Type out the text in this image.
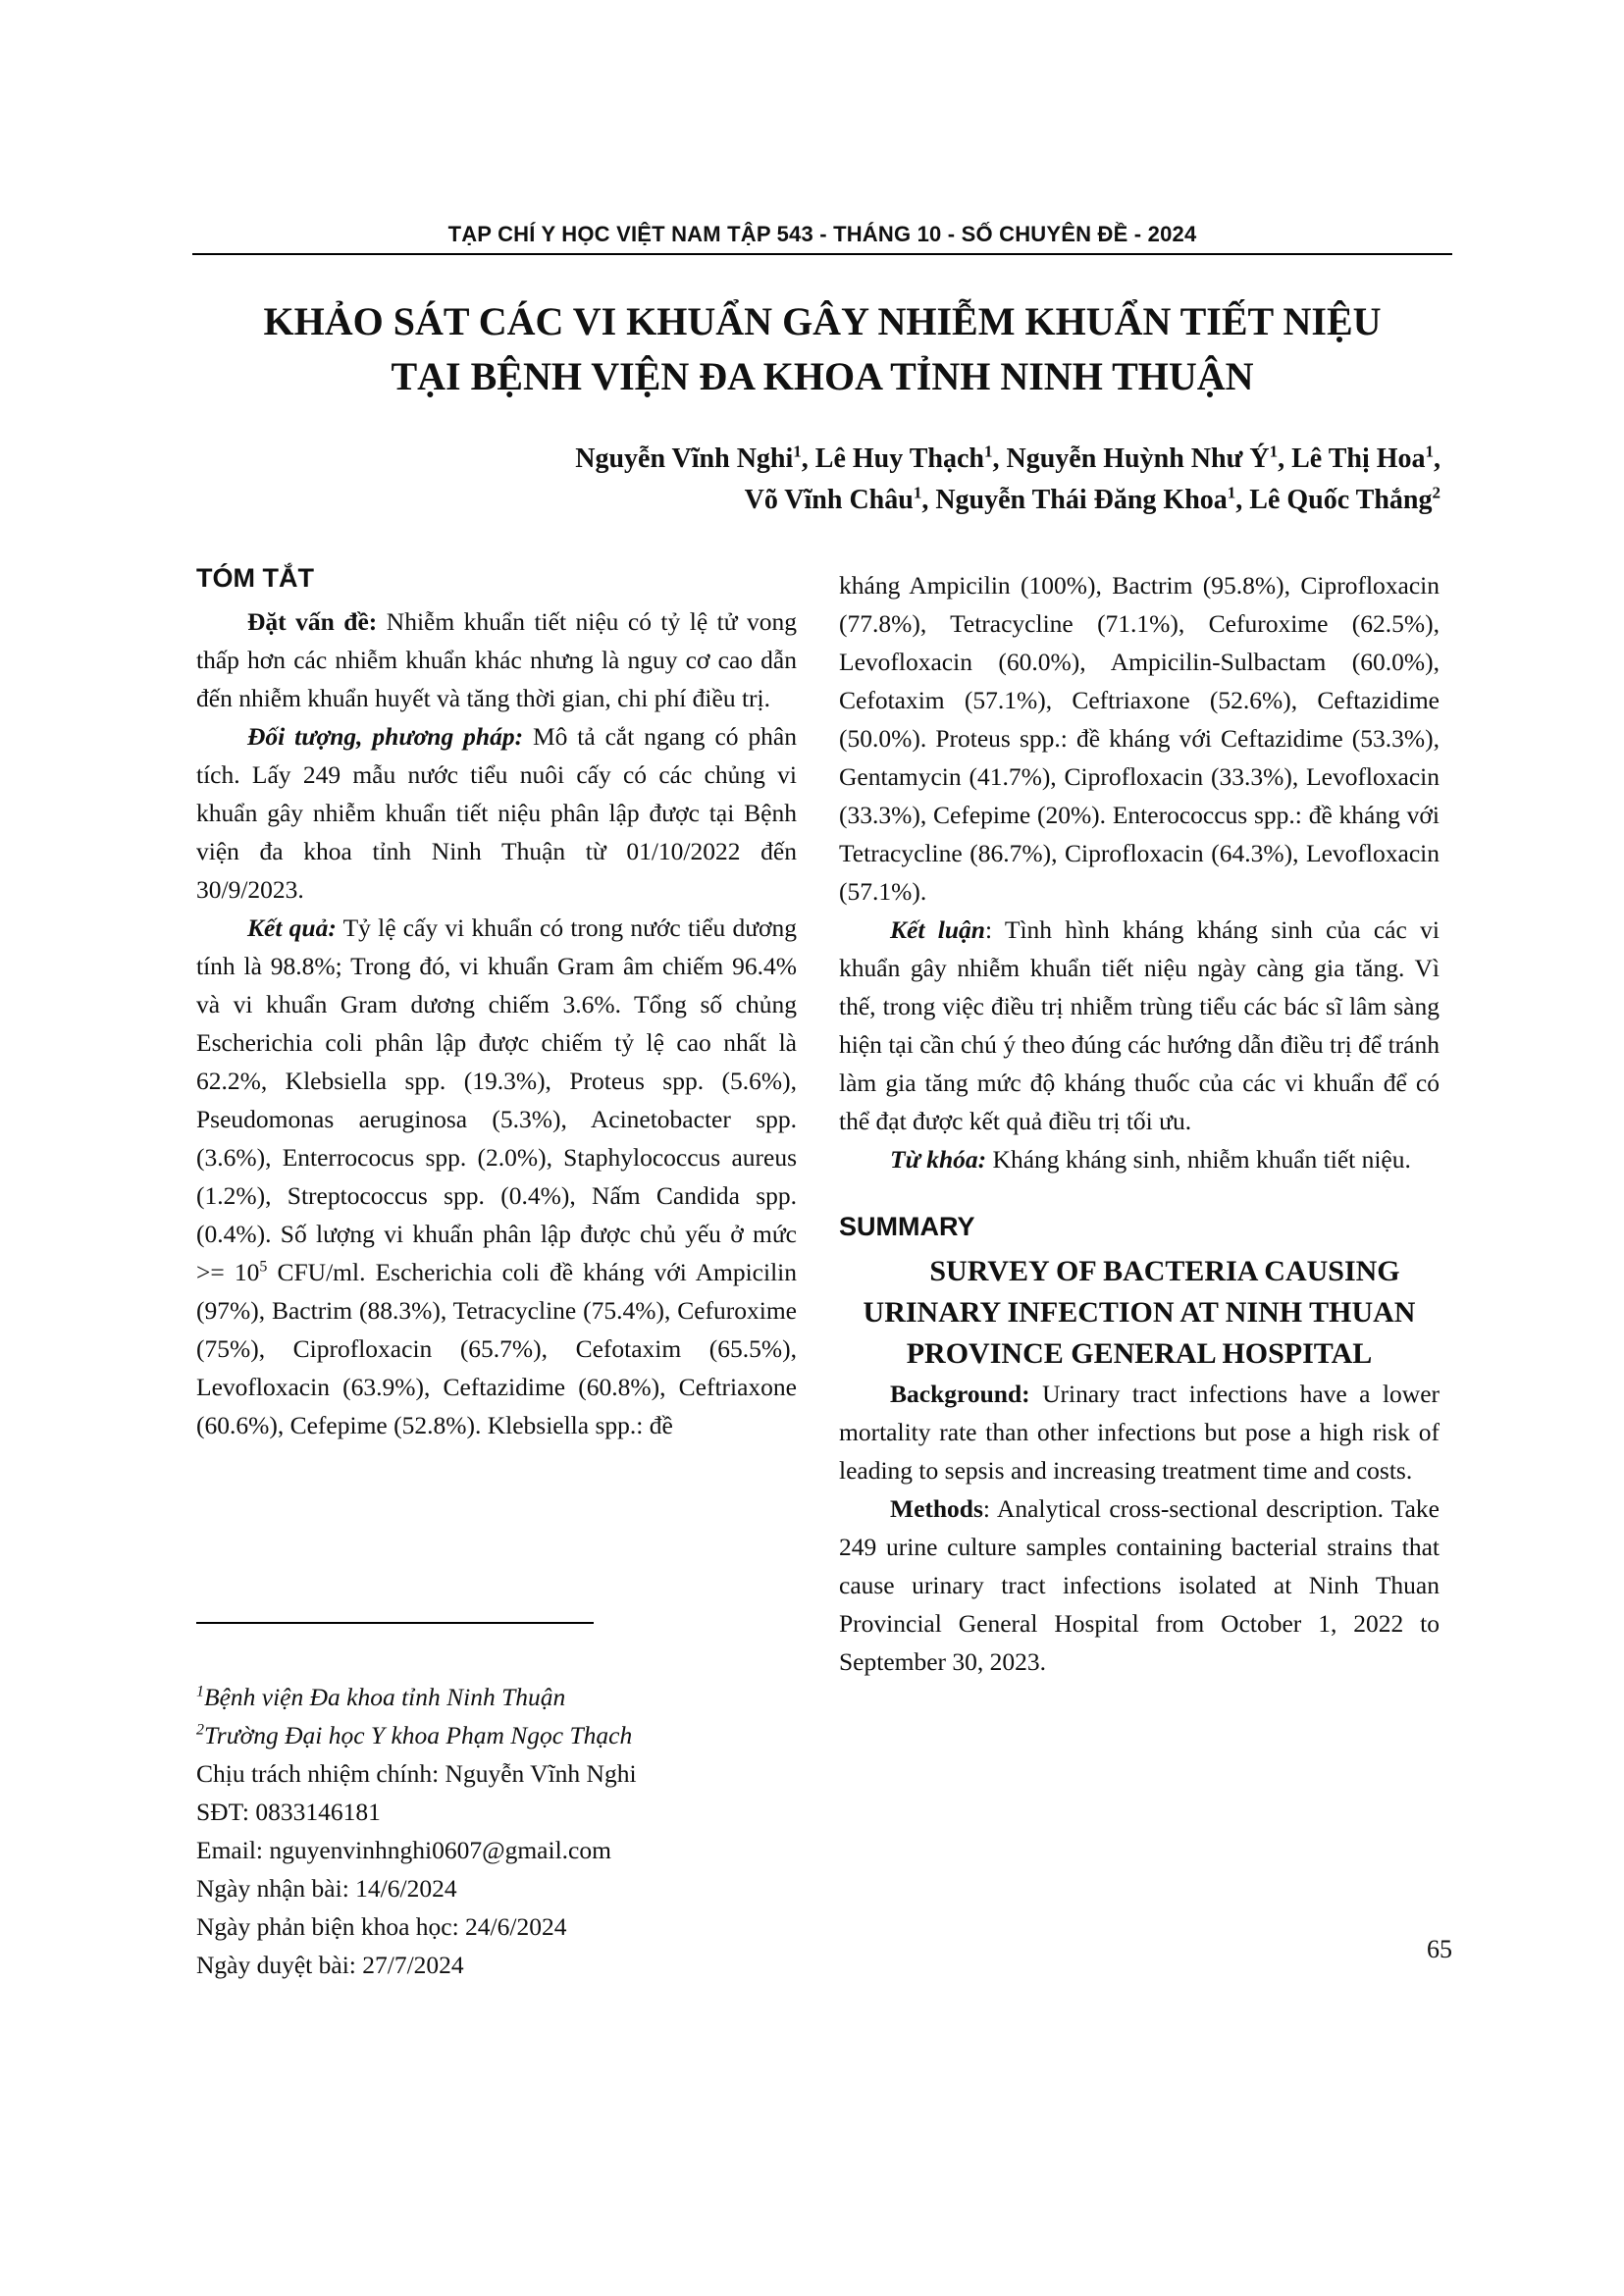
TẠP CHÍ Y HỌC VIỆT NAM TẬP 543 - THÁNG 10 - SỐ CHUYÊN ĐỀ - 2024
KHẢO SÁT CÁC VI KHUẨN GÂY NHIỄM KHUẨN TIẾT NIỆU
TẠI BỆNH VIỆN ĐA KHOA TỈNH NINH THUẬN
Nguyễn Vĩnh Nghi$^1$, Lê Huy Thạch$^1$, Nguyễn Huỳnh Như $Ý^1$, Lê Thị Hoa$^1$,
Võ Vĩnh Châu$^1$, Nguyễn Thái Đăng Khoa$^1$, Lê Quốc Thắng$^2$
TÓM TẮT

Đặt vấn đề: Nhiễm khuẩn tiết niệu có tỷ lệ tử vong thấp hơn các nhiễm khuẩn khác nhưng là nguy cơ cao dẫn đến nhiễm khuẩn huyết và tăng thời gian, chi phí điều trị.

Đối tượng, phương pháp: Mô tả cắt ngang có phân tích. Lấy 249 mẫu nước tiểu nuôi cấy có các chủng vi khuẩn gây nhiễm khuẩn tiết niệu phân lập được tại Bệnh viện đa khoa tỉnh Ninh Thuận từ 01/10/2022 đến 30/9/2023.

Kết quả: Tỷ lệ cấy vi khuẩn có trong nước tiểu dương tính là 98.8%; Trong đó, vi khuẩn Gram âm chiếm 96.4% và vi khuẩn Gram dương chiếm 3.6%. Tổng số chủng Escherichia coli phân lập được chiếm tỷ lệ cao nhất là 62.2%, Klebsiella spp. (19.3%), Proteus spp. (5.6%), Pseudomonas aeruginosa (5.3%), Acinetobacter spp. (3.6%), Enterrococus spp. (2.0%), Staphylococcus aureus (1.2%), Streptococcus spp. (0.4%), Nấm Candida spp. (0.4%). Số lượng vi khuẩn phân lập được chủ yếu ở mức >= $10^5$ CFU/ml. Escherichia coli đề kháng với Ampicilin (97%), Bactrim (88.3%), Tetracycline (75.4%), Cefuroxime (75%), Ciprofloxacin (65.7%), Cefotaxim (65.5%), Levofloxacin (63.9%), Ceftazidime (60.8%), Ceftriaxone (60.6%), Cefepime (52.8%). Klebsiella spp.: đề

kháng Ampicilin (100%), Bactrim (95.8%), Ciprofloxacin (77.8%), Tetracycline (71.1%), Cefuroxime (62.5%), Levofloxacin (60.0%), Ampicilin-Sulbactam (60.0%), Cefotaxim (57.1%), Ceftriaxone (52.6%), Ceftazidime (50.0%). Proteus spp.: đề kháng với Ceftazidime (53.3%), Gentamycin (41.7%), Ciprofloxacin (33.3%), Levofloxacin (33.3%), Cefepime (20%). Enterococcus spp.: đề kháng với Tetracycline (86.7%), Ciprofloxacin (64.3%), Levofloxacin (57.1%).

Kết luận: Tình hình kháng kháng sinh của các vi khuẩn gây nhiễm khuẩn tiết niệu ngày càng gia tăng. Vì thế, trong việc điều trị nhiễm trùng tiểu các bác sĩ lâm sàng hiện tại cần chú ý theo đúng các hướng dẫn điều trị để tránh làm gia tăng mức độ kháng thuốc của các vi khuẩn để có thể đạt được kết quả điều trị tối ưu.

Từ khóa: Kháng kháng sinh, nhiễm khuẩn tiết niệu.

SUMMARY

SURVEY OF BACTERIA CAUSING URINARY INFECTION AT NINH THUAN PROVINCE GENERAL HOSPITAL

Background: Urinary tract infections have a lower mortality rate than other infections but pose a high risk of leading to sepsis and increasing treatment time and costs.

Methods: Analytical cross-sectional description. Take 249 urine culture samples containing bacterial strains that cause urinary tract infections isolated at Ninh Thuan Provincial General Hospital from October 1, 2022 to September 30, 2023.

$^1$Bệnh viện Đa khoa tỉnh Ninh Thuận
$^2$Trường Đại học Y khoa Phạm Ngọc Thạch
Chịu trách nhiệm chính: Nguyễn Vĩnh Nghi
SĐT: 0833146181
Email: nguyenvinhnghi0607@gmail.com
Ngày nhận bài: 14/6/2024
Ngày phản biện khoa học: 24/6/2024
Ngày duyệt bài: 27/7/2024
65
